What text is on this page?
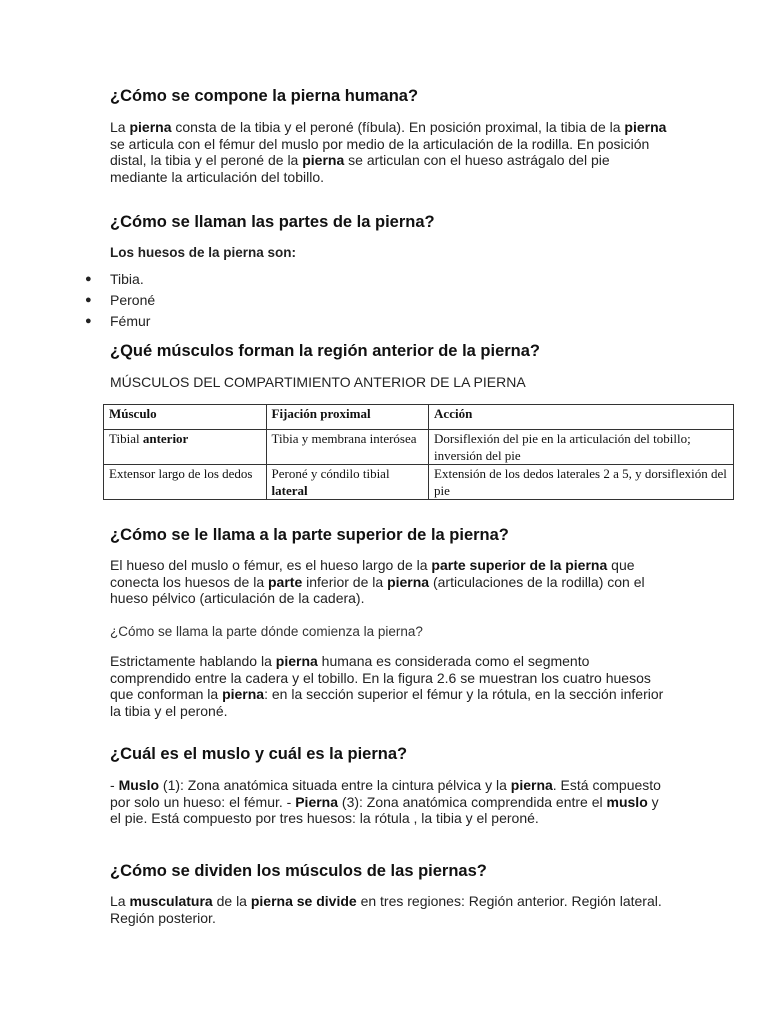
¿Cómo se compone la pierna humana?

La pierna consta de la tibia y el peroné (fíbula). En posición proximal, la tibia de la pierna se articula con el fémur del muslo por medio de la articulación de la rodilla. En posición distal, la tibia y el peroné de la pierna se articulan con el hueso astrágalo del pie mediante la articulación del tobillo.

¿Cómo se llaman las partes de la pierna?

Los huesos de la pierna son:

● Tibia.
● Peroné
● Fémur
¿Qué músculos forman la región anterior de la pierna?

MÚSCULOS DEL COMPARTIMIENTO ANTERIOR DE LA PIERNA

Músculo	Fijación proximal	Acción
Tibial anterior	Tibia y membrana interósea	Dorsiflexión del pie en la articulación del tobillo; inversión del pie
Extensor largo de los dedos	Peroné y cóndilo tibial lateral	Extensión de los dedos laterales 2 a 5, y dorsiflexión del pie
¿Cómo se le llama a la parte superior de la pierna?

El hueso del muslo o fémur, es el hueso largo de la parte superior de la pierna que conecta los huesos de la parte inferior de la pierna (articulaciones de la rodilla) con el hueso pélvico (articulación de la cadera).

¿Cómo se llama la parte dónde comienza la pierna?

Estrictamente hablando la pierna humana es considerada como el segmento comprendido entre la cadera y el tobillo. En la figura 2.6 se muestran los cuatro huesos que conforman la pierna: en la sección superior el fémur y la rótula, en la sección inferior la tibia y el peroné.

¿Cuál es el muslo y cuál es la pierna?

- Muslo (1): Zona anatómica situada entre la cintura pélvica y la pierna. Está compuesto por solo un hueso: el fémur. - Pierna (3): Zona anatómica comprendida entre el muslo y el pie. Está compuesto por tres huesos: la rótula , la tibia y el peroné.

¿Cómo se dividen los músculos de las piernas?

La musculatura de la pierna se divide en tres regiones: Región anterior. Región lateral. Región posterior.
